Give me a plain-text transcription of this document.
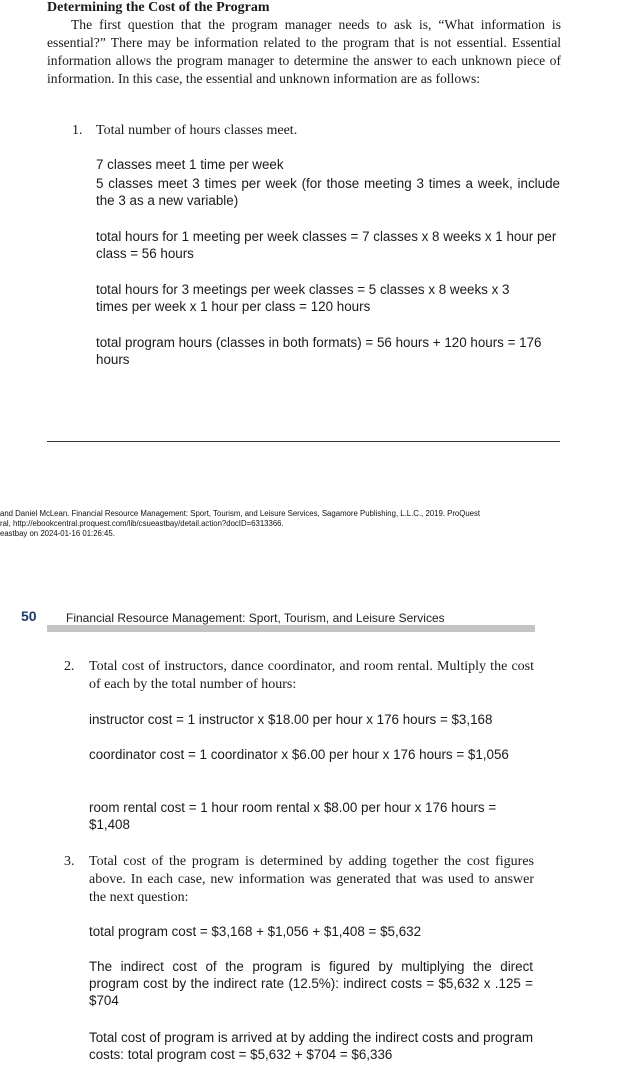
Determining the Cost of the Program

The first question that the program manager needs to ask is, “What information is essential?” There may be information related to the program that is not essential. Essential information allows the program manager to determine the answer to each unknown piece of information. In this case, the essential and unknown information are as follows:

1. Total number of hours classes meet.
7 classes meet 1 time per week
5 classes meet 3 times per week (for those meeting 3 times a week, include the 3 as a new variable)
total hours for 1 meeting per week classes = 7 classes x 8 weeks x 1 hour per class = 56 hours
total hours for 3 meetings per week classes = 5 classes x 8 weeks x 3 times per week x 1 hour per class = 120 hours
total program hours (classes in both formats) = 56 hours + 120 hours = 176 hours
and Daniel McLean. Financial Resource Management: Sport, Tourism, and Leisure Services, Sagamore Publishing, L.L.C., 2019. ProQuest
ral, http://ebookcentral.proquest.com/lib/csueastbay/detail.action?docID=6313366.
eastbay on 2024-01-16 01:26:45.
50 Financial Resource Management: Sport, Tourism, and Leisure Services
2. Total cost of instructors, dance coordinator, and room rental. Multiply the cost of each by the total number of hours:
instructor cost = 1 instructor x $18.00 per hour x 176 hours = $3,168
coordinator cost = 1 coordinator x $6.00 per hour x 176 hours = $1,056
room rental cost = 1 hour room rental x $8.00 per hour x 176 hours = $1,408
3. Total cost of the program is determined by adding together the cost figures above. In each case, new information was generated that was used to answer the next question:
total program cost = $3,168 + $1,056 + $1,408 = $5,632
The indirect cost of the program is figured by multiplying the direct program cost by the indirect rate (12.5%): indirect costs = $5,632 x .125 = $704
Total cost of program is arrived at by adding the indirect costs and program costs: total program cost = $5,632 + $704 = $6,336
